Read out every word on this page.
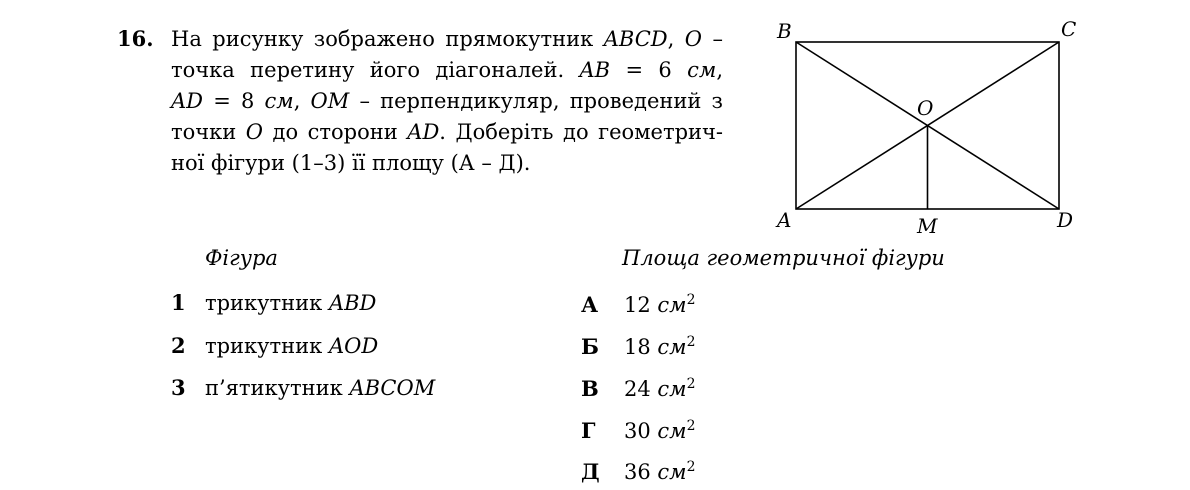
16. На рисунку зображено прямокутник ABCD, O –
точка перетину його діагоналей. AB = 6 см,
AD = 8 см, OM – перпендикуляр, проведений з
точки O до сторони AD. Доберіть до геометрич-
ної фігури (1–3) її площу (А – Д).
B	C
A	D
O
M
Фігура	Площа геометричної фігури
1 трикутник ABD
2 трикутник AOD
3 п’ятикутник ABCOM
А 12 $см^2$
Б 18 $см^2$
В 24 $см^2$
Г 30 $см^2$
Д 36 $см^2$
